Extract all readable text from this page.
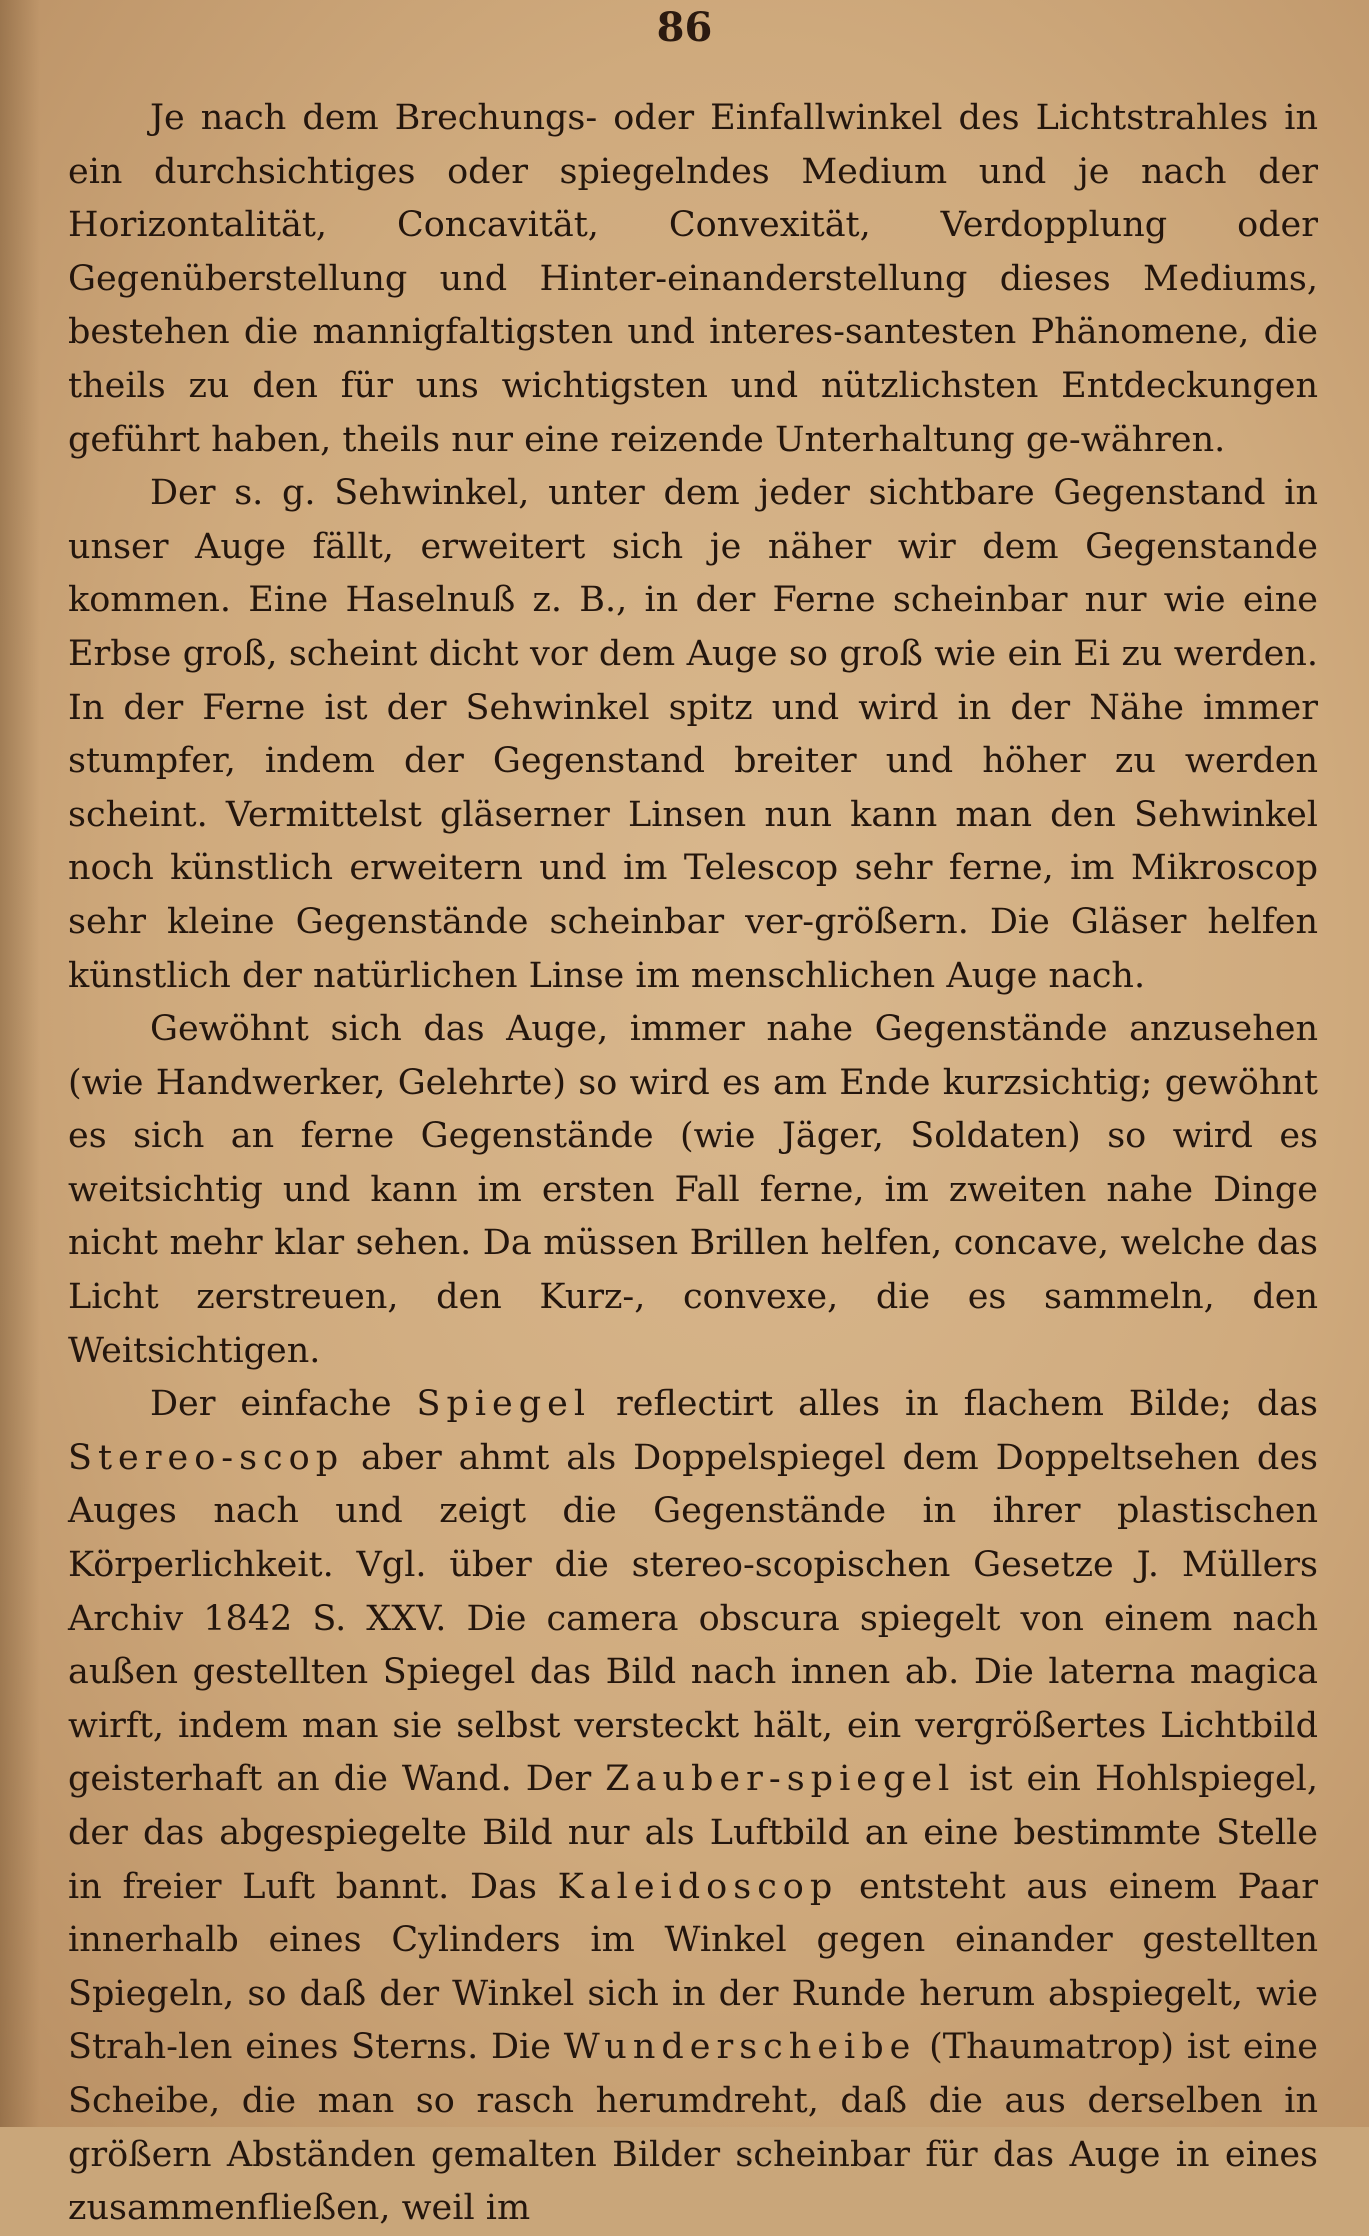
86

Je nach dem Brechungs- oder Einfallwinkel des Lichtstrahles in ein durchsichtiges oder spiegelndes Medium und je nach der Horizontalität, Concavität, Convexität, Verdopplung oder Gegenüberstellung und Hinter-einanderstellung dieses Mediums, bestehen die mannigfaltigsten und interes-santesten Phänomene, die theils zu den für uns wichtigsten und nützlichsten Entdeckungen geführt haben, theils nur eine reizende Unterhaltung ge-währen.

Der s. g. Sehwinkel, unter dem jeder sichtbare Gegenstand in unser Auge fällt, erweitert sich je näher wir dem Gegenstande kommen. Eine Haselnuß z. B., in der Ferne scheinbar nur wie eine Erbse groß, scheint dicht vor dem Auge so groß wie ein Ei zu werden. In der Ferne ist der Sehwinkel spitz und wird in der Nähe immer stumpfer, indem der Gegenstand breiter und höher zu werden scheint. Vermittelst gläserner Linsen nun kann man den Sehwinkel noch künstlich erweitern und im Telescop sehr ferne, im Mikroscop sehr kleine Gegenstände scheinbar ver-größern. Die Gläser helfen künstlich der natürlichen Linse im menschlichen Auge nach.

Gewöhnt sich das Auge, immer nahe Gegenstände anzusehen (wie Handwerker, Gelehrte) so wird es am Ende kurzsichtig; gewöhnt es sich an ferne Gegenstände (wie Jäger, Soldaten) so wird es weitsichtig und kann im ersten Fall ferne, im zweiten nahe Dinge nicht mehr klar sehen. Da müssen Brillen helfen, concave, welche das Licht zerstreuen, den Kurz-, convexe, die es sammeln, den Weitsichtigen.

Der einfache Spiegel reflectirt alles in flachem Bilde; das Stereo-scop aber ahmt als Doppelspiegel dem Doppeltsehen des Auges nach und zeigt die Gegenstände in ihrer plastischen Körperlichkeit. Vgl. über die stereo-scopischen Gesetze J. Müllers Archiv 1842 S. XXV. Die camera obscura spiegelt von einem nach außen gestellten Spiegel das Bild nach innen ab. Die laterna magica wirft, indem man sie selbst versteckt hält, ein vergrößertes Lichtbild geisterhaft an die Wand. Der Zauber-spiegel ist ein Hohlspiegel, der das abgespiegelte Bild nur als Luftbild an eine bestimmte Stelle in freier Luft bannt. Das Kaleidoscop entsteht aus einem Paar innerhalb eines Cylinders im Winkel gegen einander gestellten Spiegeln, so daß der Winkel sich in der Runde herum abspiegelt, wie Strah-len eines Sterns. Die Wunderscheibe (Thaumatrop) ist eine Scheibe, die man so rasch herumdreht, daß die aus derselben in größern Abständen gemalten Bilder scheinbar für das Auge in eines zusammenfließen, weil im
